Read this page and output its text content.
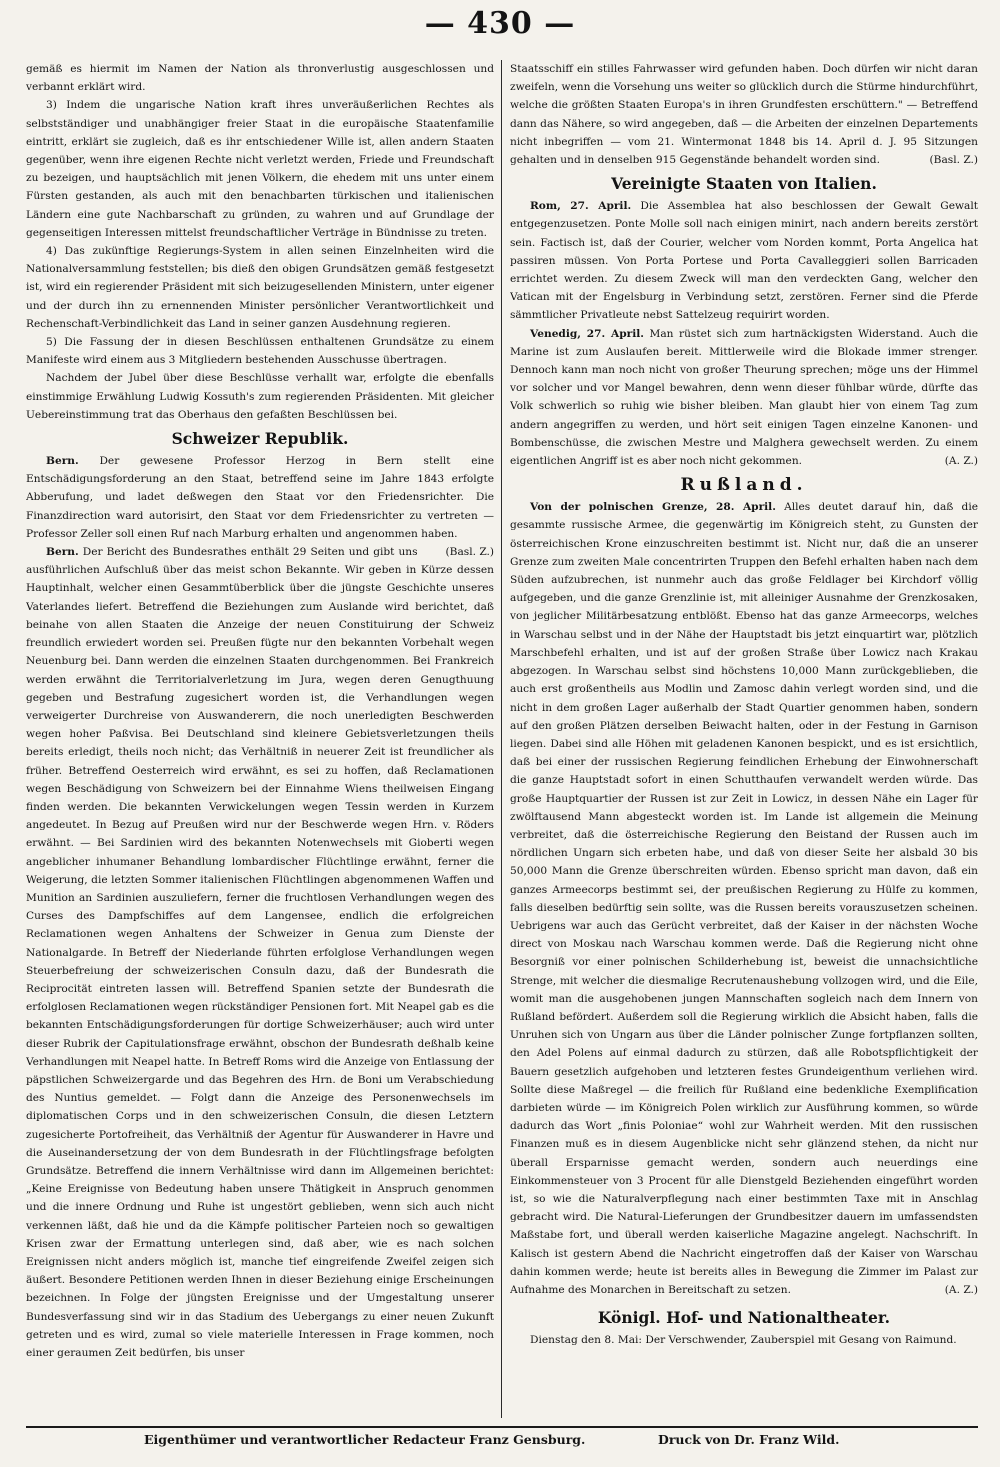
— 430 —

gemäß es hiermit im Namen der Nation als thronverlustig ausgeschlossen und verbannt erklärt wird.

3) Indem die ungarische Nation kraft ihres unveräußerlichen Rechtes als selbstständiger und unabhängiger freier Staat in die europäische Staatenfamilie eintritt, erklärt sie zugleich, daß es ihr entschiedener Wille ist, allen andern Staaten gegenüber, wenn ihre eigenen Rechte nicht verletzt werden, Friede und Freundschaft zu bezeigen, und hauptsächlich mit jenen Völkern, die ehedem mit uns unter einem Fürsten gestanden, als auch mit den benachbarten türkischen und italienischen Ländern eine gute Nachbarschaft zu gründen, zu wahren und auf Grundlage der gegenseitigen Interessen mittelst freundschaftlicher Verträge in Bündnisse zu treten.

4) Das zukünftige Regierungs-System in allen seinen Einzelnheiten wird die Nationalversammlung feststellen; bis dieß den obigen Grundsätzen gemäß festgesetzt ist, wird ein regierender Präsident mit sich beizugesellenden Ministern, unter eigener und der durch ihn zu ernennenden Minister persönlicher Verantwortlichkeit und Rechenschaft-Verbindlichkeit das Land in seiner ganzen Ausdehnung regieren.

5) Die Fassung der in diesen Beschlüssen enthaltenen Grundsätze zu einem Manifeste wird einem aus 3 Mitgliedern bestehenden Ausschusse übertragen.

Nachdem der Jubel über diese Beschlüsse verhallt war, erfolgte die ebenfalls einstimmige Erwählung Ludwig Kossuth's zum regierenden Präsidenten. Mit gleicher Uebereinstimmung trat das Oberhaus den gefaßten Beschlüssen bei.

Schweizer Republik.

Bern. Der gewesene Professor Herzog in Bern stellt eine Entschädigungsforderung an den Staat, betreffend seine im Jahre 1843 erfolgte Abberufung, und ladet deßwegen den Staat vor den Friedensrichter. Die Finanzdirection ward autorisirt, den Staat vor dem Friedensrichter zu vertreten — Professor Zeller soll einen Ruf nach Marburg erhalten und angenommen haben.
(Basl. Z.)

Bern. Der Bericht des Bundesrathes enthält 29 Seiten und gibt uns ausführlichen Aufschluß über das meist schon Bekannte. Wir geben in Kürze dessen Hauptinhalt, welcher einen Gesammtüberblick über die jüngste Geschichte unseres Vaterlandes liefert. Betreffend die Beziehungen zum Auslande wird berichtet, daß beinahe von allen Staaten die Anzeige der neuen Constituirung der Schweiz freundlich erwiedert worden sei. Preußen fügte nur den bekannten Vorbehalt wegen Neuenburg bei. Dann werden die einzelnen Staaten durchgenommen. Bei Frankreich werden erwähnt die Territorialverletzung im Jura, wegen deren Genugthuung gegeben und Bestrafung zugesichert worden ist, die Verhandlungen wegen verweigerter Durchreise von Auswanderern, die noch unerledigten Beschwerden wegen hoher Paßvisa. Bei Deutschland sind kleinere Gebietsverletzungen theils bereits erledigt, theils noch nicht; das Verhältniß in neuerer Zeit ist freundlicher als früher. Betreffend Oesterreich wird erwähnt, es sei zu hoffen, daß Reclamationen wegen Beschädigung von Schweizern bei der Einnahme Wiens theilweisen Eingang finden werden. Die bekannten Verwickelungen wegen Tessin werden in Kurzem angedeutet. In Bezug auf Preußen wird nur der Beschwerde wegen Hrn. v. Röders erwähnt. — Bei Sardinien wird des bekannten Notenwechsels mit Gioberti wegen angeblicher inhumaner Behandlung lombardischer Flüchtlinge erwähnt, ferner die Weigerung, die letzten Sommer italienischen Flüchtlingen abgenommenen Waffen und Munition an Sardinien auszuliefern, ferner die fruchtlosen Verhandlungen wegen des Curses des Dampfschiffes auf dem Langensee, endlich die erfolgreichen Reclamationen wegen Anhaltens der Schweizer in Genua zum Dienste der Nationalgarde. In Betreff der Niederlande führten erfolglose Verhandlungen wegen Steuerbefreiung der schweizerischen Consuln dazu, daß der Bundesrath die Reciprocität eintreten lassen will. Betreffend Spanien setzte der Bundesrath die erfolglosen Reclamationen wegen rückständiger Pensionen fort. Mit Neapel gab es die bekannten Entschädigungsforderungen für dortige Schweizerhäuser; auch wird unter dieser Rubrik der Capitulationsfrage erwähnt, obschon der Bundesrath deßhalb keine Verhandlungen mit Neapel hatte. In Betreff Roms wird die Anzeige von Entlassung der päpstlichen Schweizergarde und das Begehren des Hrn. de Boni um Verabschiedung des Nuntius gemeldet. — Folgt dann die Anzeige des Personenwechsels im diplomatischen Corps und in den schweizerischen Consuln, die diesen Letztern zugesicherte Portofreiheit, das Verhältniß der Agentur für Auswanderer in Havre und die Auseinandersetzung der von dem Bundesrath in der Flüchtlingsfrage befolgten Grundsätze. Betreffend die innern Verhältnisse wird dann im Allgemeinen berichtet: „Keine Ereignisse von Bedeutung haben unsere Thätigkeit in Anspruch genommen und die innere Ordnung und Ruhe ist ungestört geblieben, wenn sich auch nicht verkennen läßt, daß hie und da die Kämpfe politischer Parteien noch so gewaltigen Krisen zwar der Ermattung unterlegen sind, daß aber, wie es nach solchen Ereignissen nicht anders möglich ist, manche tief eingreifende Zweifel zeigen sich äußert. Besondere Petitionen werden Ihnen in dieser Beziehung einige Erscheinungen bezeichnen. In Folge der jüngsten Ereignisse und der Umgestaltung unserer Bundesverfassung sind wir in das Stadium des Uebergangs zu einer neuen Zukunft getreten und es wird, zumal so viele materielle Interessen in Frage kommen, noch einer geraumen Zeit bedürfen, bis unser

Staatsschiff ein stilles Fahrwasser wird gefunden haben. Doch dürfen wir nicht daran zweifeln, wenn die Vorsehung uns weiter so glücklich durch die Stürme hindurchführt, welche die größten Staaten Europa's in ihren Grundfesten erschüttern." — Betreffend dann das Nähere, so wird angegeben, daß — die Arbeiten der einzelnen Departements nicht inbegriffen — vom 21. Wintermonat 1848 bis 14. April d. J. 95 Sitzungen gehalten und in denselben 915 Gegenstände behandelt worden sind.	(Basl. Z.)

Vereinigte Staaten von Italien.

Rom, 27. April. Die Assemblea hat also beschlossen der Gewalt Gewalt entgegenzusetzen. Ponte Molle soll nach einigen minirt, nach andern bereits zerstört sein. Factisch ist, daß der Courier, welcher vom Norden kommt, Porta Angelica hat passiren müssen. Von Porta Portese und Porta Cavalleggieri sollen Barricaden errichtet werden. Zu diesem Zweck will man den verdeckten Gang, welcher den Vatican mit der Engelsburg in Verbindung setzt, zerstören. Ferner sind die Pferde sämmtlicher Privatleute nebst Sattelzeug requirirt worden.

Venedig, 27. April. Man rüstet sich zum hartnäckigsten Widerstand. Auch die Marine ist zum Auslaufen bereit. Mittlerweile wird die Blokade immer strenger. Dennoch kann man noch nicht von großer Theurung sprechen; möge uns der Himmel vor solcher und vor Mangel bewahren, denn wenn dieser fühlbar würde, dürfte das Volk schwerlich so ruhig wie bisher bleiben. Man glaubt hier von einem Tag zum andern angegriffen zu werden, und hört seit einigen Tagen einzelne Kanonen- und Bombenschüsse, die zwischen Mestre und Malghera gewechselt werden. Zu einem eigentlichen Angriff ist es aber noch nicht gekommen.	(A. Z.)

Rußland.

Von der polnischen Grenze, 28. April. Alles deutet darauf hin, daß die gesammte russische Armee, die gegenwärtig im Königreich steht, zu Gunsten der österreichischen Krone einzuschreiten bestimmt ist. Nicht nur, daß die an unserer Grenze zum zweiten Male concentrirten Truppen den Befehl erhalten haben nach dem Süden aufzubrechen, ist nunmehr auch das große Feldlager bei Kirchdorf völlig aufgegeben, und die ganze Grenzlinie ist, mit alleiniger Ausnahme der Grenzkosaken, von jeglicher Militärbesatzung entblößt. Ebenso hat das ganze Armeecorps, welches in Warschau selbst und in der Nähe der Hauptstadt bis jetzt einquartirt war, plötzlich Marschbefehl erhalten, und ist auf der großen Straße über Lowicz nach Krakau abgezogen. In Warschau selbst sind höchstens 10,000 Mann zurückgeblieben, die auch erst großentheils aus Modlin und Zamosc dahin verlegt worden sind, und die nicht in dem großen Lager außerhalb der Stadt Quartier genommen haben, sondern auf den großen Plätzen derselben Beiwacht halten, oder in der Festung in Garnison liegen. Dabei sind alle Höhen mit geladenen Kanonen bespickt, und es ist ersichtlich, daß bei einer der russischen Regierung feindlichen Erhebung der Einwohnerschaft die ganze Hauptstadt sofort in einen Schutthaufen verwandelt werden würde. Das große Hauptquartier der Russen ist zur Zeit in Lowicz, in dessen Nähe ein Lager für zwölftausend Mann abgesteckt worden ist. Im Lande ist allgemein die Meinung verbreitet, daß die österreichische Regierung den Beistand der Russen auch im nördlichen Ungarn sich erbeten habe, und daß von dieser Seite her alsbald 30 bis 50,000 Mann die Grenze überschreiten würden. Ebenso spricht man davon, daß ein ganzes Armeecorps bestimmt sei, der preußischen Regierung zu Hülfe zu kommen, falls dieselben bedürftig sein sollte, was die Russen bereits vorauszusetzen scheinen. Uebrigens war auch das Gerücht verbreitet, daß der Kaiser in der nächsten Woche direct von Moskau nach Warschau kommen werde. Daß die Regierung nicht ohne Besorgniß vor einer polnischen Schilderhebung ist, beweist die unnachsichtliche Strenge, mit welcher die diesmalige Recrutenaushebung vollzogen wird, und die Eile, womit man die ausgehobenen jungen Mannschaften sogleich nach dem Innern von Rußland befördert. Außerdem soll die Regierung wirklich die Absicht haben, falls die Unruhen sich von Ungarn aus über die Länder polnischer Zunge fortpflanzen sollten, den Adel Polens auf einmal dadurch zu stürzen, daß alle Robotspflichtigkeit der Bauern gesetzlich aufgehoben und letzteren festes Grundeigenthum verliehen wird. Sollte diese Maßregel — die freilich für Rußland eine bedenkliche Exemplification darbieten würde — im Königreich Polen wirklich zur Ausführung kommen, so würde dadurch das Wort „finis Poloniae“ wohl zur Wahrheit werden. Mit den russischen Finanzen muß es in diesem Augenblicke nicht sehr glänzend stehen, da nicht nur überall Ersparnisse gemacht werden, sondern auch neuerdings eine Einkommensteuer von 3 Procent für alle Dienstgeld Beziehenden eingeführt worden ist, so wie die Naturalverpflegung nach einer bestimmten Taxe mit in Anschlag gebracht wird. Die Natural-Lieferungen der Grundbesitzer dauern im umfassendsten Maßstabe fort, und überall werden kaiserliche Magazine angelegt. Nachschrift. In Kalisch ist gestern Abend die Nachricht eingetroffen daß der Kaiser von Warschau dahin kommen werde; heute ist bereits alles in Bewegung die Zimmer im Palast zur Aufnahme des Monarchen in Bereitschaft zu setzen.	(A. Z.)

Königl. Hof- und Nationaltheater.

Dienstag den 8. Mai: Der Verschwender, Zauberspiel mit Gesang von Raimund.

Eigenthümer und verantwortlicher Redacteur Franz Gensburg.	Druck von Dr. Franz Wild.
